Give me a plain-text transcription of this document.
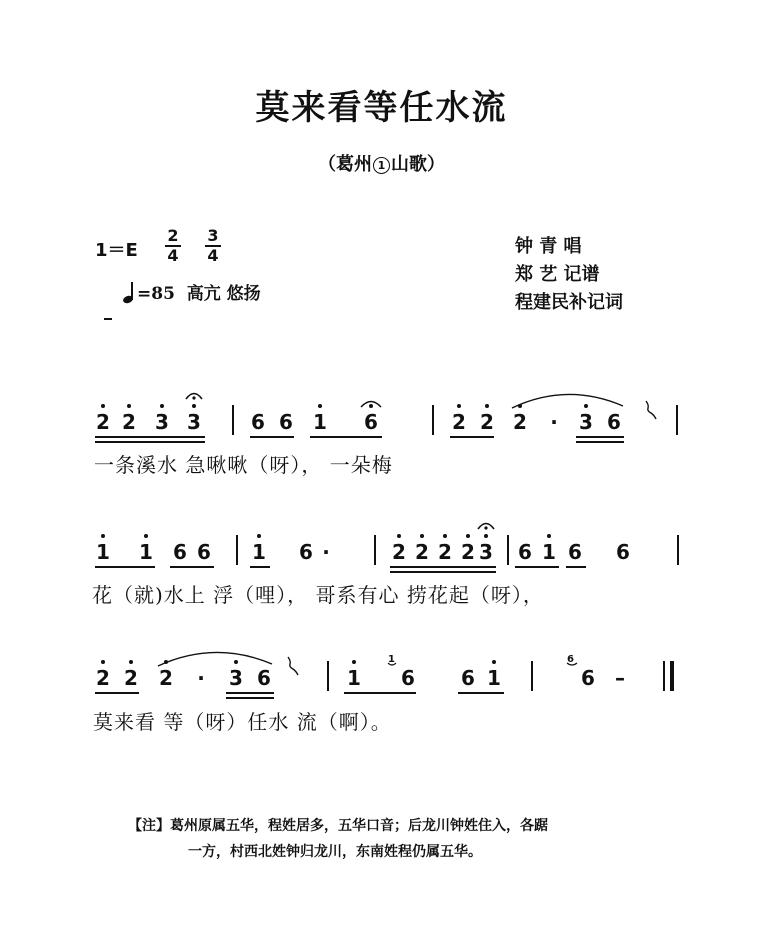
莫来看等任水流
（葛州 1 山歌）
$1=E \frac{2}{4} \frac{3}{4}$
=85 高亢 悠扬
钟 青 唱
郑 艺 记谱
程建民补记词
2 2 3 3	6 6 1 6	2 2 2 · 3 6
一条溪水 急啾啾（呀）， 一朵梅
1 1 6 6 1 6 ·	2 2 2 2 3 6 1 6 6
花（就)水上 浮（哩）， 哥系有心 捞花起（呀），
2 2 2 · 3 6	1 6
1
6 1	6
6
–
莫来看 等（呀）任水 流（啊）。
【注】葛州原属五华，程姓居多，五华口音；后龙川钟姓住入，各踞
一方，村西北姓钟归龙川，东南姓程仍属五华。
